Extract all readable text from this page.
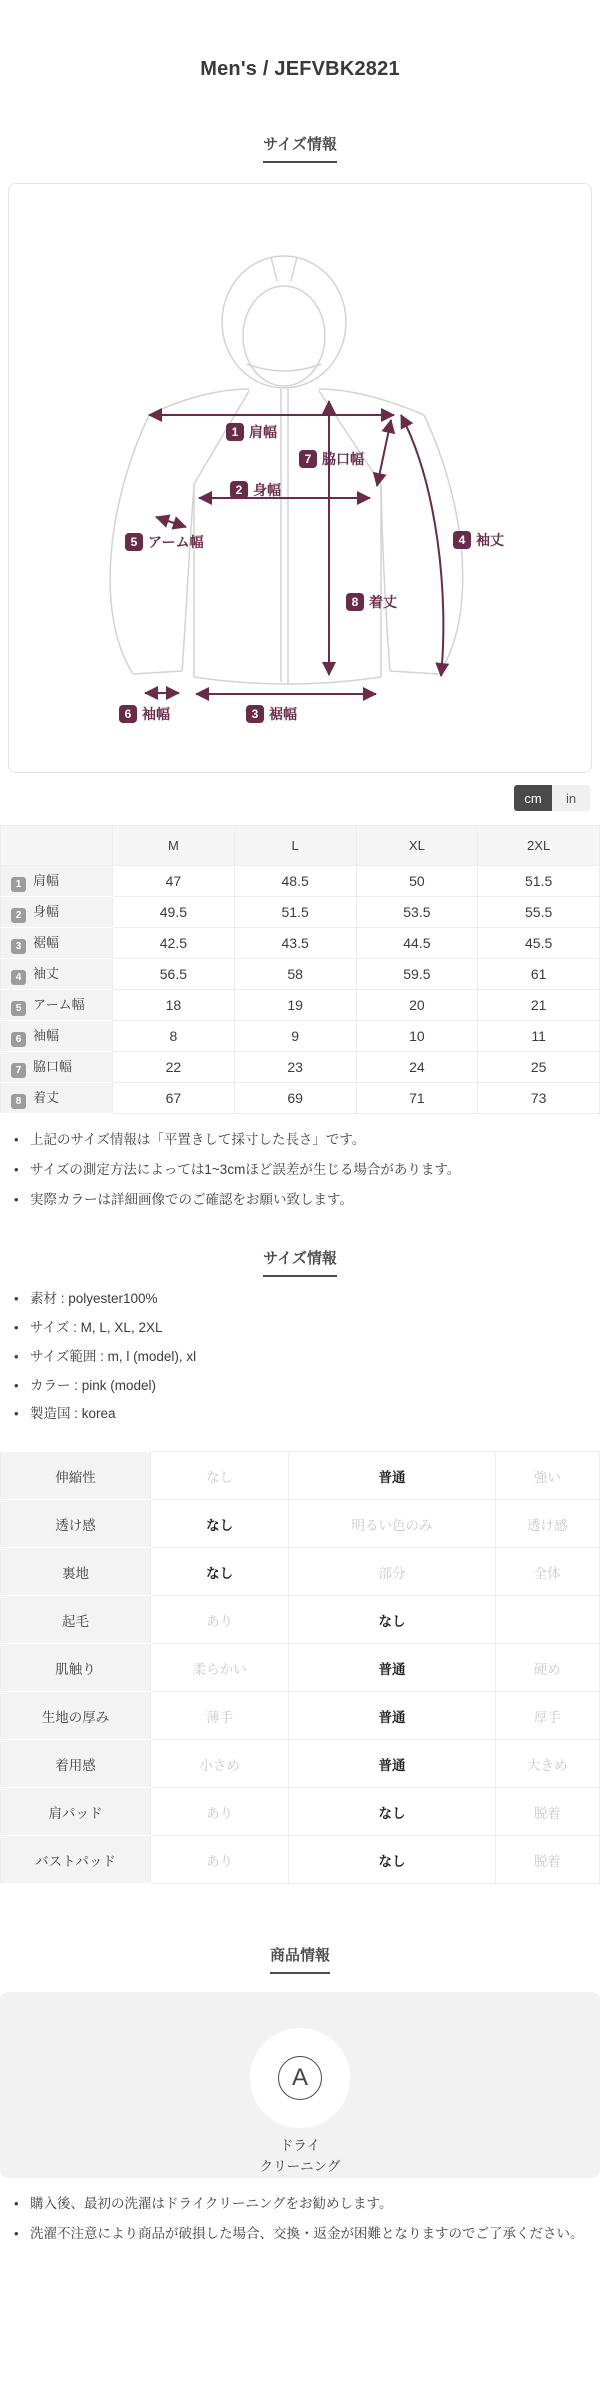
Men's / JEFVBK2821
サイズ情報
1 肩幅
2 身幅
3 裾幅
4 袖丈
5 アーム幅
6 袖幅
7 脇口幅
8 着丈
cm	in
	M	L	XL	2XL
1 肩幅	47	48.5	50	51.5
2 身幅	49.5	51.5	53.5	55.5
3 裾幅	42.5	43.5	44.5	45.5
4 袖丈	56.5	58	59.5	61
5 アーム幅	18	19	20	21
6 袖幅	8	9	10	11
7 脇口幅	22	23	24	25
8 着丈	67	69	71	73
• 上記のサイズ情報は「平置きして採寸した長さ」です。
• サイズの測定方法によっては1~3cmほど誤差が生じる場合があります。
• 実際カラーは詳細画像でのご確認をお願い致します。
サイズ情報
• 素材 : polyester100%
• サイズ : M, L, XL, 2XL
• サイズ範囲 : m, l (model), xl
• カラー : pink (model)
• 製造国 : korea
伸縮性	なし	普通	強い
透け感	なし	明るい色のみ	透け感
裏地	なし	部分	全体
起毛	あり	なし	
肌触り	柔らかい	普通	硬め
生地の厚み	薄手	普通	厚手
着用感	小さめ	普通	大きめ
肩パッド	あり	なし	脱着
バストパッド	あり	なし	脱着
商品情報
A
ドライ
クリーニング
• 購入後、最初の洗濯はドライクリーニングをお勧めします。
• 洗濯不注意により商品が破損した場合、交換・返金が困難となりますのでご了承ください。
